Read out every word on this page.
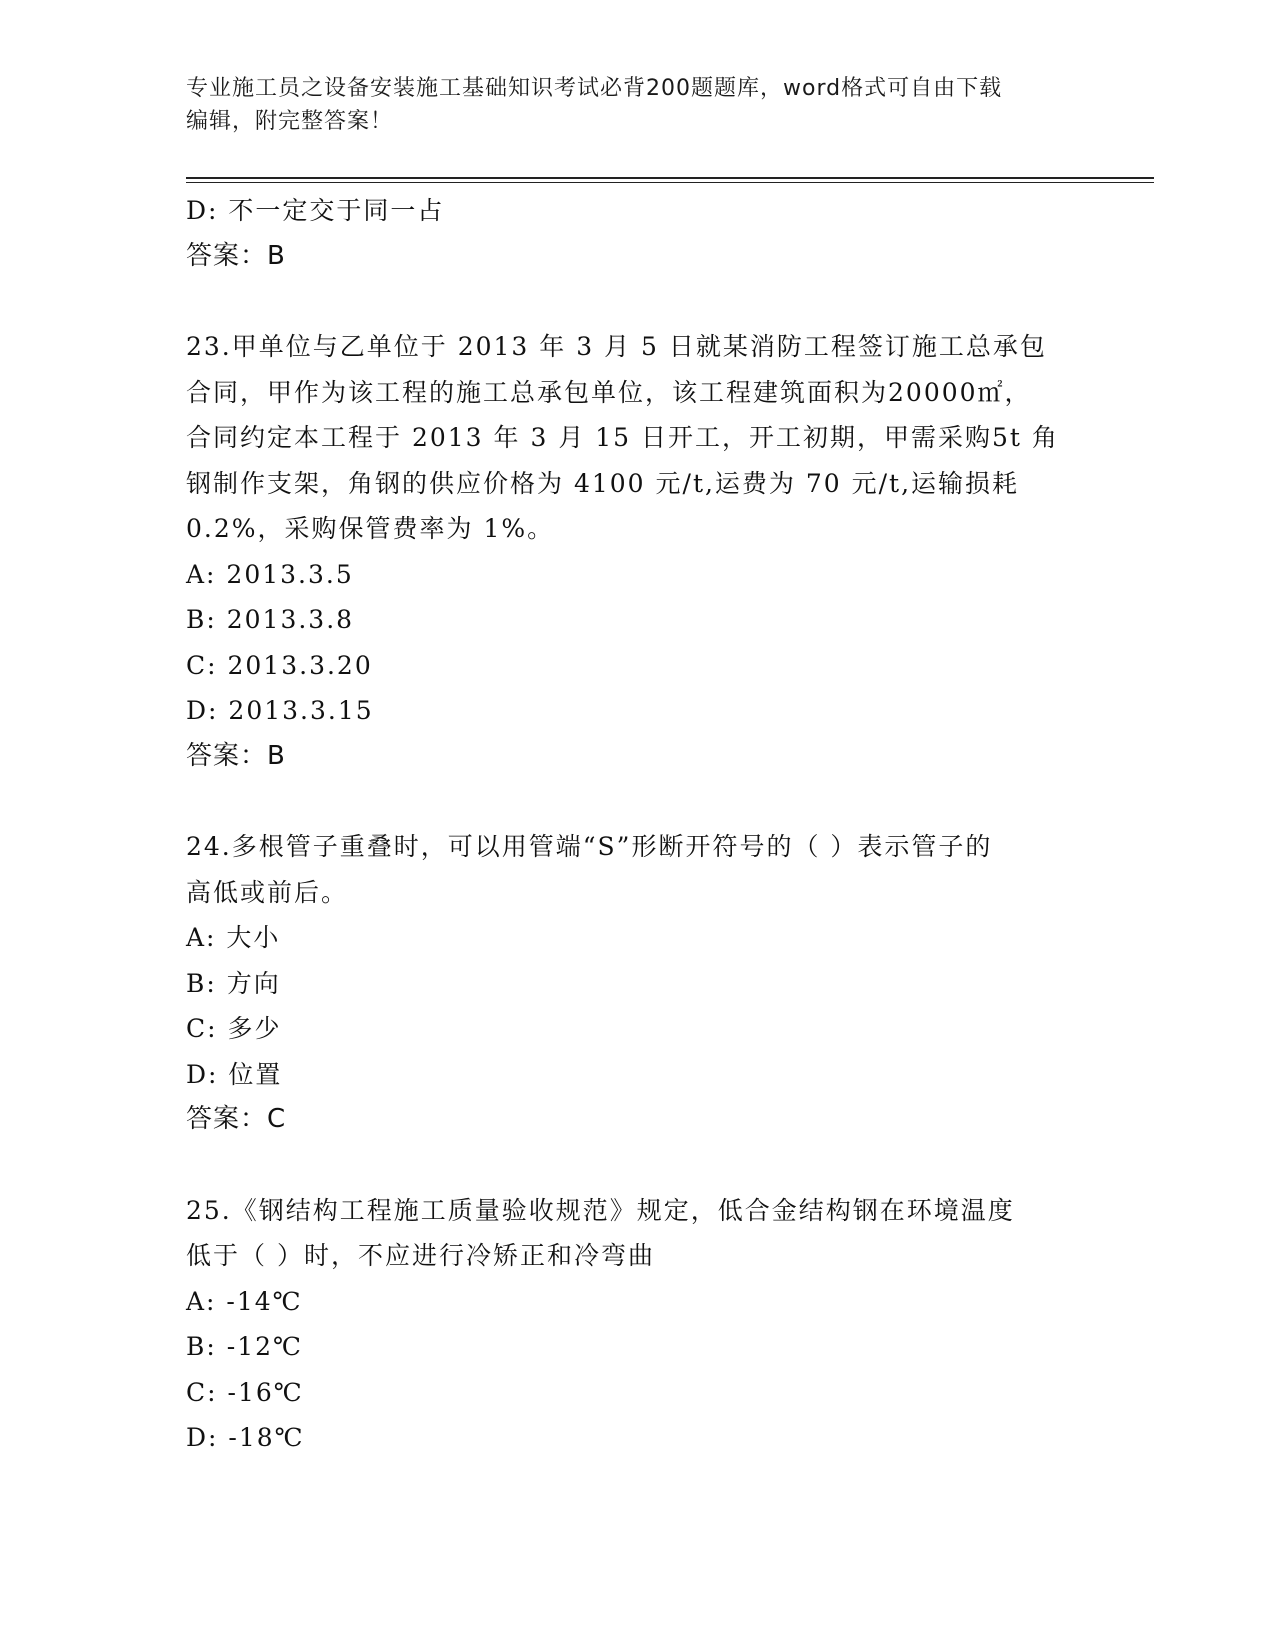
专业施工员之设备安装施工基础知识考试必背200题题库，word格式可自由下载
编辑，附完整答案！

D: 不一定交于同一占

答案：B

23.甲单位与乙单位于 2013 年 3 月 5 日就某消防工程签订施工总承包

合同，甲作为该工程的施工总承包单位，该工程建筑面积为20000㎡，

合同约定本工程于 2013 年 3 月 15 日开工，开工初期，甲需采购5t 角

钢制作支架，角钢的供应价格为 4100 元/t,运费为 70 元/t,运输损耗

0.2%，采购保管费率为 1%。

A: 2013.3.5

B: 2013.3.8

C: 2013.3.20

D: 2013.3.15

答案：B

24.多根管子重叠时，可以用管端“S”形断开符号的（ ）表示管子的

高低或前后。

A: 大小

B: 方向

C: 多少

D: 位置

答案：C

25.《钢结构工程施工质量验收规范》规定，低合金结构钢在环境温度

低于（ ）时，不应进行冷矫正和冷弯曲

A: -14℃

B: -12℃

C: -16℃

D: -18℃
